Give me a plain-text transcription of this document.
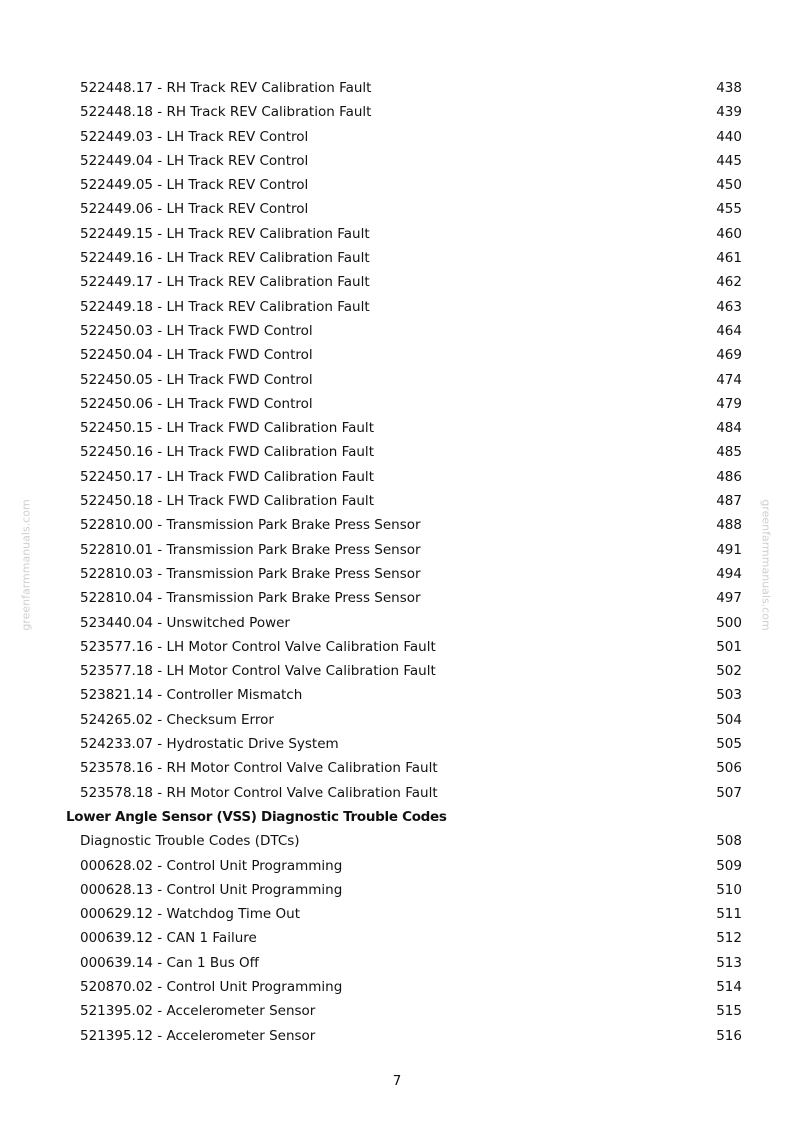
greenfarmmanuals.com	greenfarmmanuals.com
522448.17 - RH Track REV Calibration Fault	438
522448.18 - RH Track REV Calibration Fault	439
522449.03 - LH Track REV Control	440
522449.04 - LH Track REV Control	445
522449.05 - LH Track REV Control	450
522449.06 - LH Track REV Control	455
522449.15 - LH Track REV Calibration Fault	460
522449.16 - LH Track REV Calibration Fault	461
522449.17 - LH Track REV Calibration Fault	462
522449.18 - LH Track REV Calibration Fault	463
522450.03 - LH Track FWD Control	464
522450.04 - LH Track FWD Control	469
522450.05 - LH Track FWD Control	474
522450.06 - LH Track FWD Control	479
522450.15 - LH Track FWD Calibration Fault	484
522450.16 - LH Track FWD Calibration Fault	485
522450.17 - LH Track FWD Calibration Fault	486
522450.18 - LH Track FWD Calibration Fault	487
522810.00 - Transmission Park Brake Press Sensor	488
522810.01 - Transmission Park Brake Press Sensor	491
522810.03 - Transmission Park Brake Press Sensor	494
522810.04 - Transmission Park Brake Press Sensor	497
523440.04 - Unswitched Power	500
523577.16 - LH Motor Control Valve Calibration Fault	501
523577.18 - LH Motor Control Valve Calibration Fault	502
523821.14 - Controller Mismatch	503
524265.02 - Checksum Error	504
524233.07 - Hydrostatic Drive System	505
523578.16 - RH Motor Control Valve Calibration Fault	506
523578.18 - RH Motor Control Valve Calibration Fault	507
Lower Angle Sensor (VSS) Diagnostic Trouble Codes
Diagnostic Trouble Codes (DTCs)	508
000628.02 - Control Unit Programming	509
000628.13 - Control Unit Programming	510
000629.12 - Watchdog Time Out	511
000639.12 - CAN 1 Failure	512
000639.14 - Can 1 Bus Off	513
520870.02 - Control Unit Programming	514
521395.02 - Accelerometer Sensor	515
521395.12 - Accelerometer Sensor	516
7
